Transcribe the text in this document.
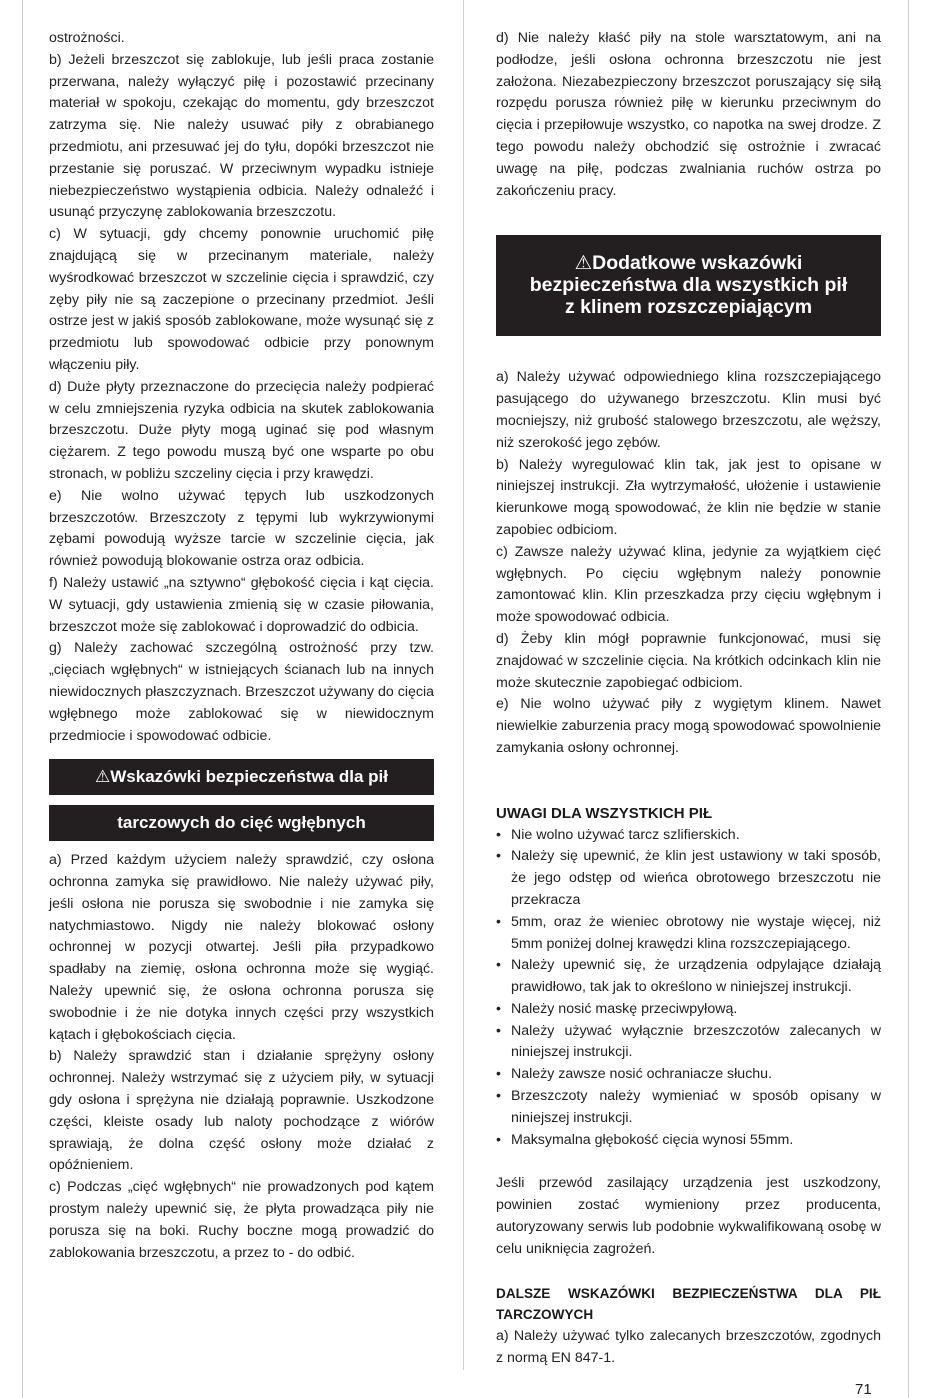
ostrożności.

b) Jeżeli brzeszczot się zablokuje, lub jeśli praca zostanie przerwana, należy wyłączyć piłę i pozostawić przecinany materiał w spokoju, czekając do momentu, gdy brzeszczot zatrzyma się. Nie należy usuwać piły z obrabianego przedmiotu, ani przesuwać jej do tyłu, dopóki brzeszczot nie przestanie się poruszać. W przeciwnym wypadku istnieje niebezpieczeństwo wystąpienia odbicia. Należy odnaleźć i usunąć przyczynę zablokowania brzeszczotu.

c) W sytuacji, gdy chcemy ponownie uruchomić piłę znajdującą się w przecinanym materiale, należy wyśrodkować brzeszczot w szczelinie cięcia i sprawdzić, czy zęby piły nie są zaczepione o przecinany przedmiot. Jeśli ostrze jest w jakiś sposób zablokowane, może wysunąć się z przedmiotu lub spowodować odbicie przy ponownym włączeniu piły.

d) Duże płyty przeznaczone do przecięcia należy podpierać w celu zmniejszenia ryzyka odbicia na skutek zablokowania brzeszczotu. Duże płyty mogą uginać się pod własnym ciężarem. Z tego powodu muszą być one wsparte po obu stronach, w pobliżu szczeliny cięcia i przy krawędzi.

e) Nie wolno używać tępych lub uszkodzonych brzeszczotów. Brzeszczoty z tępymi lub wykrzywionymi zębami powodują wyższe tarcie w szczelinie cięcia, jak również powodują blokowanie ostrza oraz odbicia.

f) Należy ustawić „na sztywno“ głębokość cięcia i kąt cięcia. W sytuacji, gdy ustawienia zmienią się w czasie piłowania, brzeszczot może się zablokować i doprowadzić do odbicia.

g) Należy zachować szczególną ostrożność przy tzw. „cięciach wgłębnych“ w istniejących ścianach lub na innych niewidocznych płaszczyznach. Brzeszczot używany do cięcia wgłębnego może zablokować się w niewidocznym przedmiocie i spowodować odbicie.

⚠Wskazówki bezpieczeństwa dla pił
tarczowych do cięć wgłębnych

a) Przed każdym użyciem należy sprawdzić, czy osłona ochronna zamyka się prawidłowo. Nie należy używać piły, jeśli osłona nie porusza się swobodnie i nie zamyka się natychmiastowo. Nigdy nie należy blokować osłony ochronnej w pozycji otwartej. Jeśli piła przypadkowo spadłaby na ziemię, osłona ochronna może się wygiąć. Należy upewnić się, że osłona ochronna porusza się swobodnie i że nie dotyka innych części przy wszystkich kątach i głębokościach cięcia.

b) Należy sprawdzić stan i działanie sprężyny osłony ochronnej. Należy wstrzymać się z użyciem piły, w sytuacji gdy osłona i sprężyna nie działają poprawnie. Uszkodzone części, kleiste osady lub naloty pochodzące z wiórów sprawiają, że dolna część osłony może działać z opóźnieniem.

c) Podczas „cięć wgłębnych“ nie prowadzonych pod kątem prostym należy upewnić się, że płyta prowadząca piły nie porusza się na boki. Ruchy boczne mogą prowadzić do zablokowania brzeszczotu, a przez to - do odbić.

d) Nie należy kłaść piły na stole warsztatowym, ani na podłodze, jeśli osłona ochronna brzeszczotu nie jest założona. Niezabezpieczony brzeszczot poruszający się siłą rozpędu porusza również piłę w kierunku przeciwnym do cięcia i przepiłowuje wszystko, co napotka na swej drodze. Z tego powodu należy obchodzić się ostrożnie i zwracać uwagę na piłę, podczas zwalniania ruchów ostrza po zakończeniu pracy.

⚠Dodatkowe wskazówki
bezpieczeństwa dla wszystkich pił
z klinem rozszczepiającym

a) Należy używać odpowiedniego klina rozszczepiającego pasującego do używanego brzeszczotu. Klin musi być mocniejszy, niż grubość stalowego brzeszczotu, ale węższy, niż szerokość jego zębów.

b) Należy wyregulować klin tak, jak jest to opisane w niniejszej instrukcji. Zła wytrzymałość, ułożenie i ustawienie kierunkowe mogą spowodować, że klin nie będzie w stanie zapobiec odbiciom.

c) Zawsze należy używać klina, jedynie za wyjątkiem cięć wgłębnych. Po cięciu wgłębnym należy ponownie zamontować klin. Klin przeszkadza przy cięciu wgłębnym i może spowodować odbicia.

d) Żeby klin mógł poprawnie funkcjonować, musi się znajdować w szczelinie cięcia. Na krótkich odcinkach klin nie może skutecznie zapobiegać odbiciom.

e) Nie wolno używać piły z wygiętym klinem. Nawet niewielkie zaburzenia pracy mogą spowodować spowolnienie zamykania osłony ochronnej.

UWAGI DLA WSZYSTKICH PIŁ

• Nie wolno używać tarcz szlifierskich.
• Należy się upewnić, że klin jest ustawiony w taki sposób, że jego odstęp od wieńca obrotowego brzeszczotu nie przekracza
• 5mm, oraz że wieniec obrotowy nie wystaje więcej, niż 5mm poniżej dolnej krawędzi klina rozszczepiającego.
• Należy upewnić się, że urządzenia odpylające działają prawidłowo, tak jak to określono w niniejszej instrukcji.
• Należy nosić maskę przeciwpyłową.
• Należy używać wyłącznie brzeszczotów zalecanych w niniejszej instrukcji.
• Należy zawsze nosić ochraniacze słuchu.
• Brzeszczoty należy wymieniać w sposób opisany w niniejszej instrukcji.
• Maksymalna głębokość cięcia wynosi 55mm.

Jeśli przewód zasilający urządzenia jest uszkodzony, powinien zostać wymieniony przez producenta, autoryzowany serwis lub podobnie wykwalifikowaną osobę w celu uniknięcia zagrożeń.

DALSZE WSKAZÓWKI BEZPIECZEŃSTWA DLA PIŁ TARCZOWYCH

a) Należy używać tylko zalecanych brzeszczotów, zgodnych z normą EN 847-1.

71
